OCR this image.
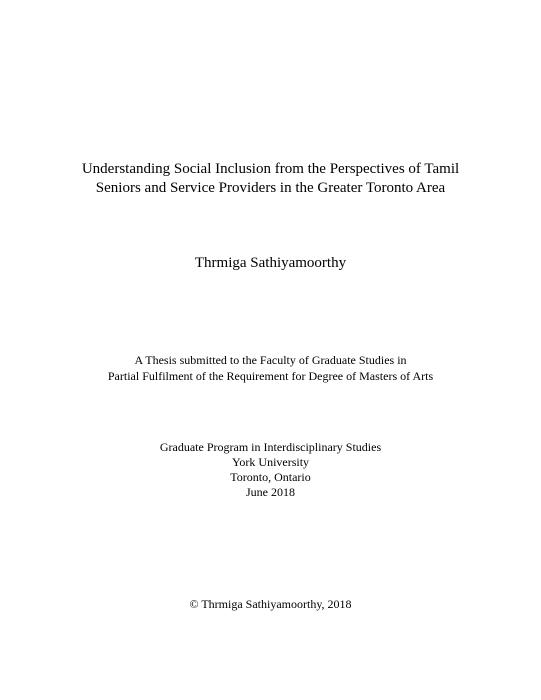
Understanding Social Inclusion from the Perspectives of Tamil
Seniors and Service Providers in the Greater Toronto Area
Thrmiga Sathiyamoorthy
A Thesis submitted to the Faculty of Graduate Studies in
Partial Fulfilment of the Requirement for Degree of Masters of Arts
Graduate Program in Interdisciplinary Studies
York University
Toronto, Ontario
June 2018
© Thrmiga Sathiyamoorthy, 2018
